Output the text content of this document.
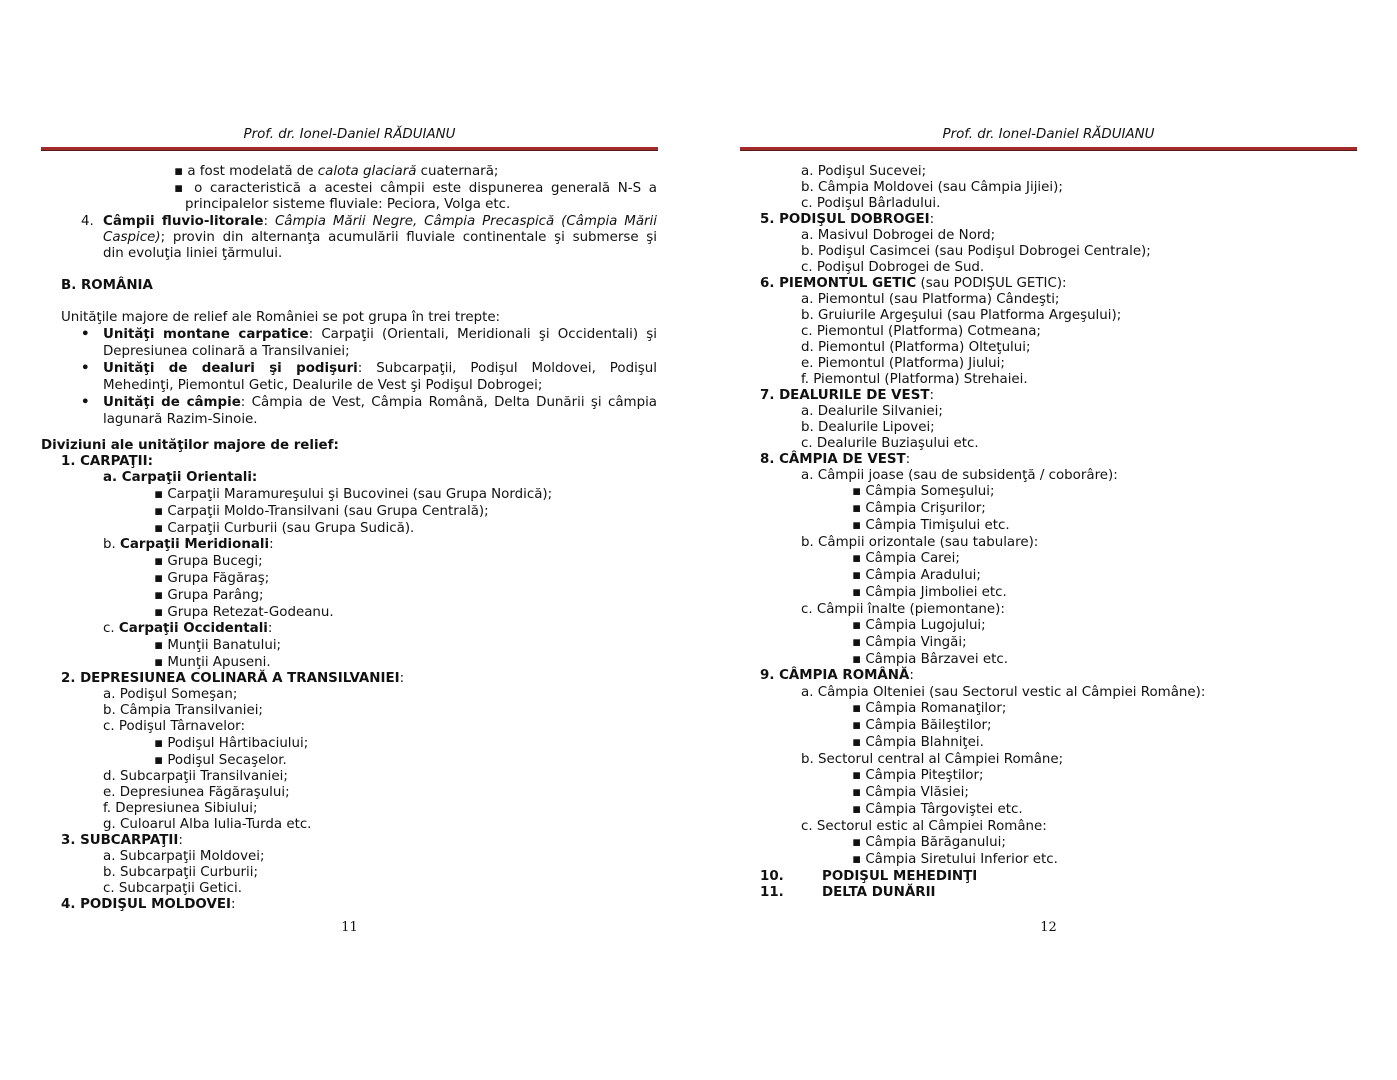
Prof. dr. Ionel-Daniel RĂDUIANU
▪ a fost modelată de calota glaciară cuaternară;
▪ o caracteristică a acestei câmpii este dispunerea generală N-S a
principalelor sisteme fluviale: Peciora, Volga etc.
4. Câmpii fluvio-litorale: Câmpia Mării Negre, Câmpia Precaspică (Câmpia Mării
Caspice); provin din alternanţa acumulării fluviale continentale şi submerse şi
din evoluţia liniei ţărmului.
B. ROMÂNIA
Unităţile majore de relief ale României se pot grupa în trei trepte:
• Unităţi montane carpatice: Carpaţii (Orientali, Meridionali şi Occidentali) şi
Depresiunea colinară a Transilvaniei;
• Unităţi de dealuri şi podişuri: Subcarpaţii, Podişul Moldovei, Podişul
Mehedinţi, Piemontul Getic, Dealurile de Vest şi Podişul Dobrogei;
• Unităţi de câmpie: Câmpia de Vest, Câmpia Română, Delta Dunării şi câmpia
lagunară Razim-Sinoie.
Diviziuni ale unităţilor majore de relief:
1. CARPAŢII:
a. Carpaţii Orientali:
▪ Carpaţii Maramureşului şi Bucovinei (sau Grupa Nordică);
▪ Carpaţii Moldo-Transilvani (sau Grupa Centrală);
▪ Carpaţii Curburii (sau Grupa Sudică).
b. Carpaţii Meridionali:
▪ Grupa Bucegi;
▪ Grupa Făgăraş;
▪ Grupa Parâng;
▪ Grupa Retezat-Godeanu.
c. Carpaţii Occidentali:
▪ Munţii Banatului;
▪ Munţii Apuseni.
2. DEPRESIUNEA COLINARĂ A TRANSILVANIEI:
a. Podişul Someşan;
b. Câmpia Transilvaniei;
c. Podişul Târnavelor:
▪ Podişul Hârtibaciului;
▪ Podişul Secaşelor.
d. Subcarpaţii Transilvaniei;
e. Depresiunea Făgăraşului;
f. Depresiunea Sibiului;
g. Culoarul Alba Iulia-Turda etc.
3. SUBCARPAŢII:
a. Subcarpaţii Moldovei;
b. Subcarpaţii Curburii;
c. Subcarpaţii Getici.
4. PODIŞUL MOLDOVEI:
11
Prof. dr. Ionel-Daniel RĂDUIANU
a. Podişul Sucevei;
b. Câmpia Moldovei (sau Câmpia Jijiei);
c. Podişul Bârladului.
5. PODIŞUL DOBROGEI:
a. Masivul Dobrogei de Nord;
b. Podişul Casimcei (sau Podişul Dobrogei Centrale);
c. Podişul Dobrogei de Sud.
6. PIEMONTUL GETIC (sau PODIŞUL GETIC):
a. Piemontul (sau Platforma) Cândeşti;
b. Gruiurile Argeşului (sau Platforma Argeşului);
c. Piemontul (Platforma) Cotmeana;
d. Piemontul (Platforma) Olteţului;
e. Piemontul (Platforma) Jiului;
f. Piemontul (Platforma) Strehaiei.
7. DEALURILE DE VEST:
a. Dealurile Silvaniei;
b. Dealurile Lipovei;
c. Dealurile Buziaşului etc.
8. CÂMPIA DE VEST:
a. Câmpii joase (sau de subsidenţă / coborâre):
▪ Câmpia Someşului;
▪ Câmpia Crişurilor;
▪ Câmpia Timişului etc.
b. Câmpii orizontale (sau tabulare):
▪ Câmpia Carei;
▪ Câmpia Aradului;
▪ Câmpia Jimboliei etc.
c. Câmpii înalte (piemontane):
▪ Câmpia Lugojului;
▪ Câmpia Vingăi;
▪ Câmpia Bârzavei etc.
9. CÂMPIA ROMÂNĂ:
a. Câmpia Olteniei (sau Sectorul vestic al Câmpiei Române):
▪ Câmpia Romanaţilor;
▪ Câmpia Băileştilor;
▪ Câmpia Blahniţei.
b. Sectorul central al Câmpiei Române;
▪ Câmpia Piteştilor;
▪ Câmpia Vlăsiei;
▪ Câmpia Târgoviştei etc.
c. Sectorul estic al Câmpiei Române:
▪ Câmpia Bărăganului;
▪ Câmpia Siretului Inferior etc.
10.	PODIŞUL MEHEDINŢI
11.	DELTA DUNĂRII
12
